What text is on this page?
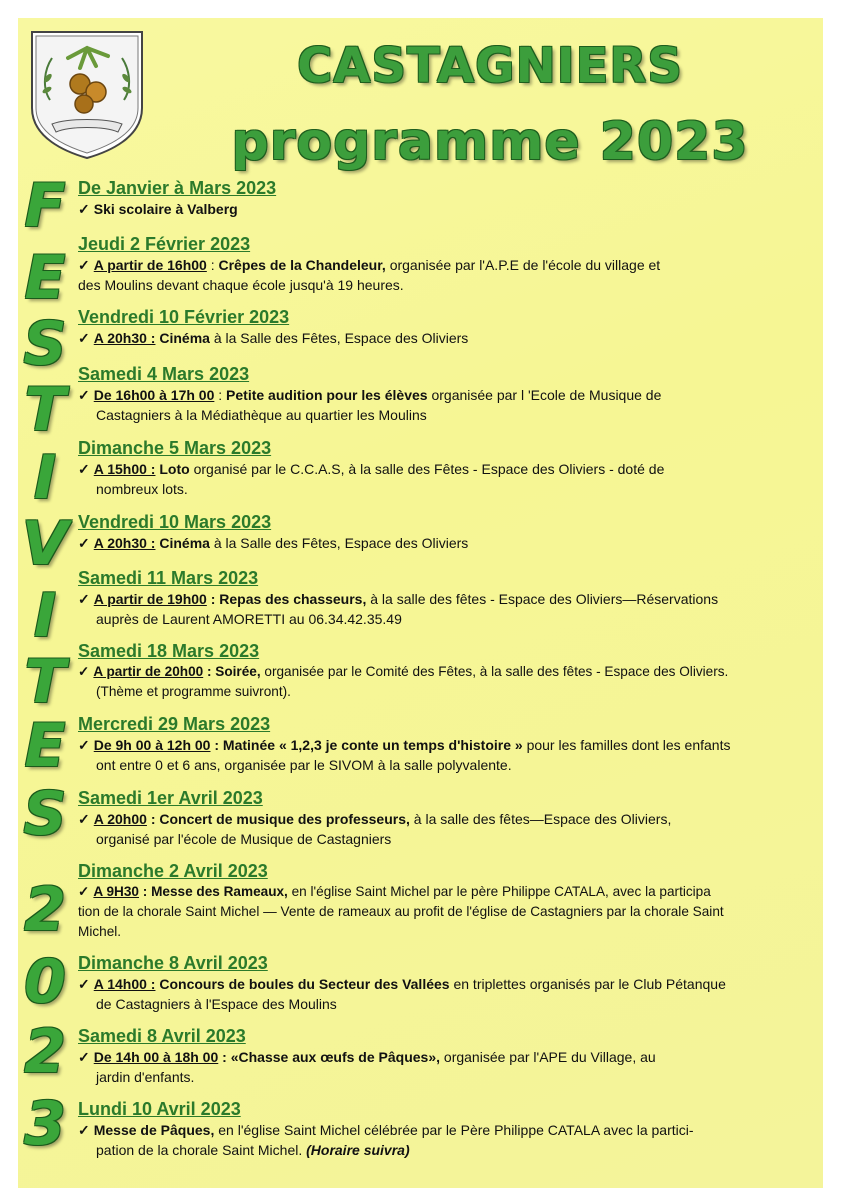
CASTAGNIERS
programme 2023
F
E
S
T
I
V
I
T
E
S
2
0
2
3
De Janvier à Mars 2023
✓ Ski scolaire à Valberg
Jeudi 2 Février 2023
✓ A partir de 16h00 : Crêpes de la Chandeleur, organisée par l'A.P.E de l'école du village et
des Moulins devant chaque école jusqu'à 19 heures.
Vendredi 10 Février 2023
✓ A 20h30 : Cinéma à la Salle des Fêtes, Espace des Oliviers
Samedi 4 Mars 2023
✓ De 16h00 à 17h 00 : Petite audition pour les élèves organisée par l 'Ecole de Musique de
Castagniers à la Médiathèque au quartier les Moulins
Dimanche 5 Mars 2023
✓ A 15h00 : Loto organisé par le C.C.A.S, à la salle des Fêtes - Espace des Oliviers - doté de
nombreux lots.
Vendredi 10 Mars 2023
✓ A 20h30 : Cinéma à la Salle des Fêtes, Espace des Oliviers
Samedi 11 Mars 2023
✓ A partir de 19h00 : Repas des chasseurs, à la salle des fêtes - Espace des Oliviers—Réservations
auprès de Laurent AMORETTI au 06.34.42.35.49
Samedi 18 Mars 2023
✓ A partir de 20h00 : Soirée, organisée par le Comité des Fêtes, à la salle des fêtes - Espace des Oliviers.
(Thème et programme suivront).
Mercredi 29 Mars 2023
✓ De 9h 00 à 12h 00 : Matinée « 1,2,3 je conte un temps d'histoire » pour les familles dont les enfants
ont entre 0 et 6 ans, organisée par le SIVOM à la salle polyvalente.
Samedi 1er Avril 2023
✓ A 20h00 : Concert de musique des professeurs, à la salle des fêtes—Espace des Oliviers,
organisé par l'école de Musique de Castagniers
Dimanche 2 Avril 2023
✓ A 9H30 : Messe des Rameaux, en l'église Saint Michel par le père Philippe CATALA, avec la participa
tion de la chorale Saint Michel — Vente de rameaux au profit de l'église de Castagniers par la chorale Saint
Michel.
Dimanche 8 Avril 2023
✓ A 14h00 : Concours de boules du Secteur des Vallées en triplettes organisés par le Club Pétanque
de Castagniers à l'Espace des Moulins
Samedi 8 Avril 2023
✓ De 14h 00 à 18h 00 : «Chasse aux œufs de Pâques», organisée par l'APE du Village, au
jardin d'enfants.
Lundi 10 Avril 2023
✓ Messe de Pâques, en l'église Saint Michel célébrée par le Père Philippe CATALA avec la partici-
pation de la chorale Saint Michel. (Horaire suivra)
